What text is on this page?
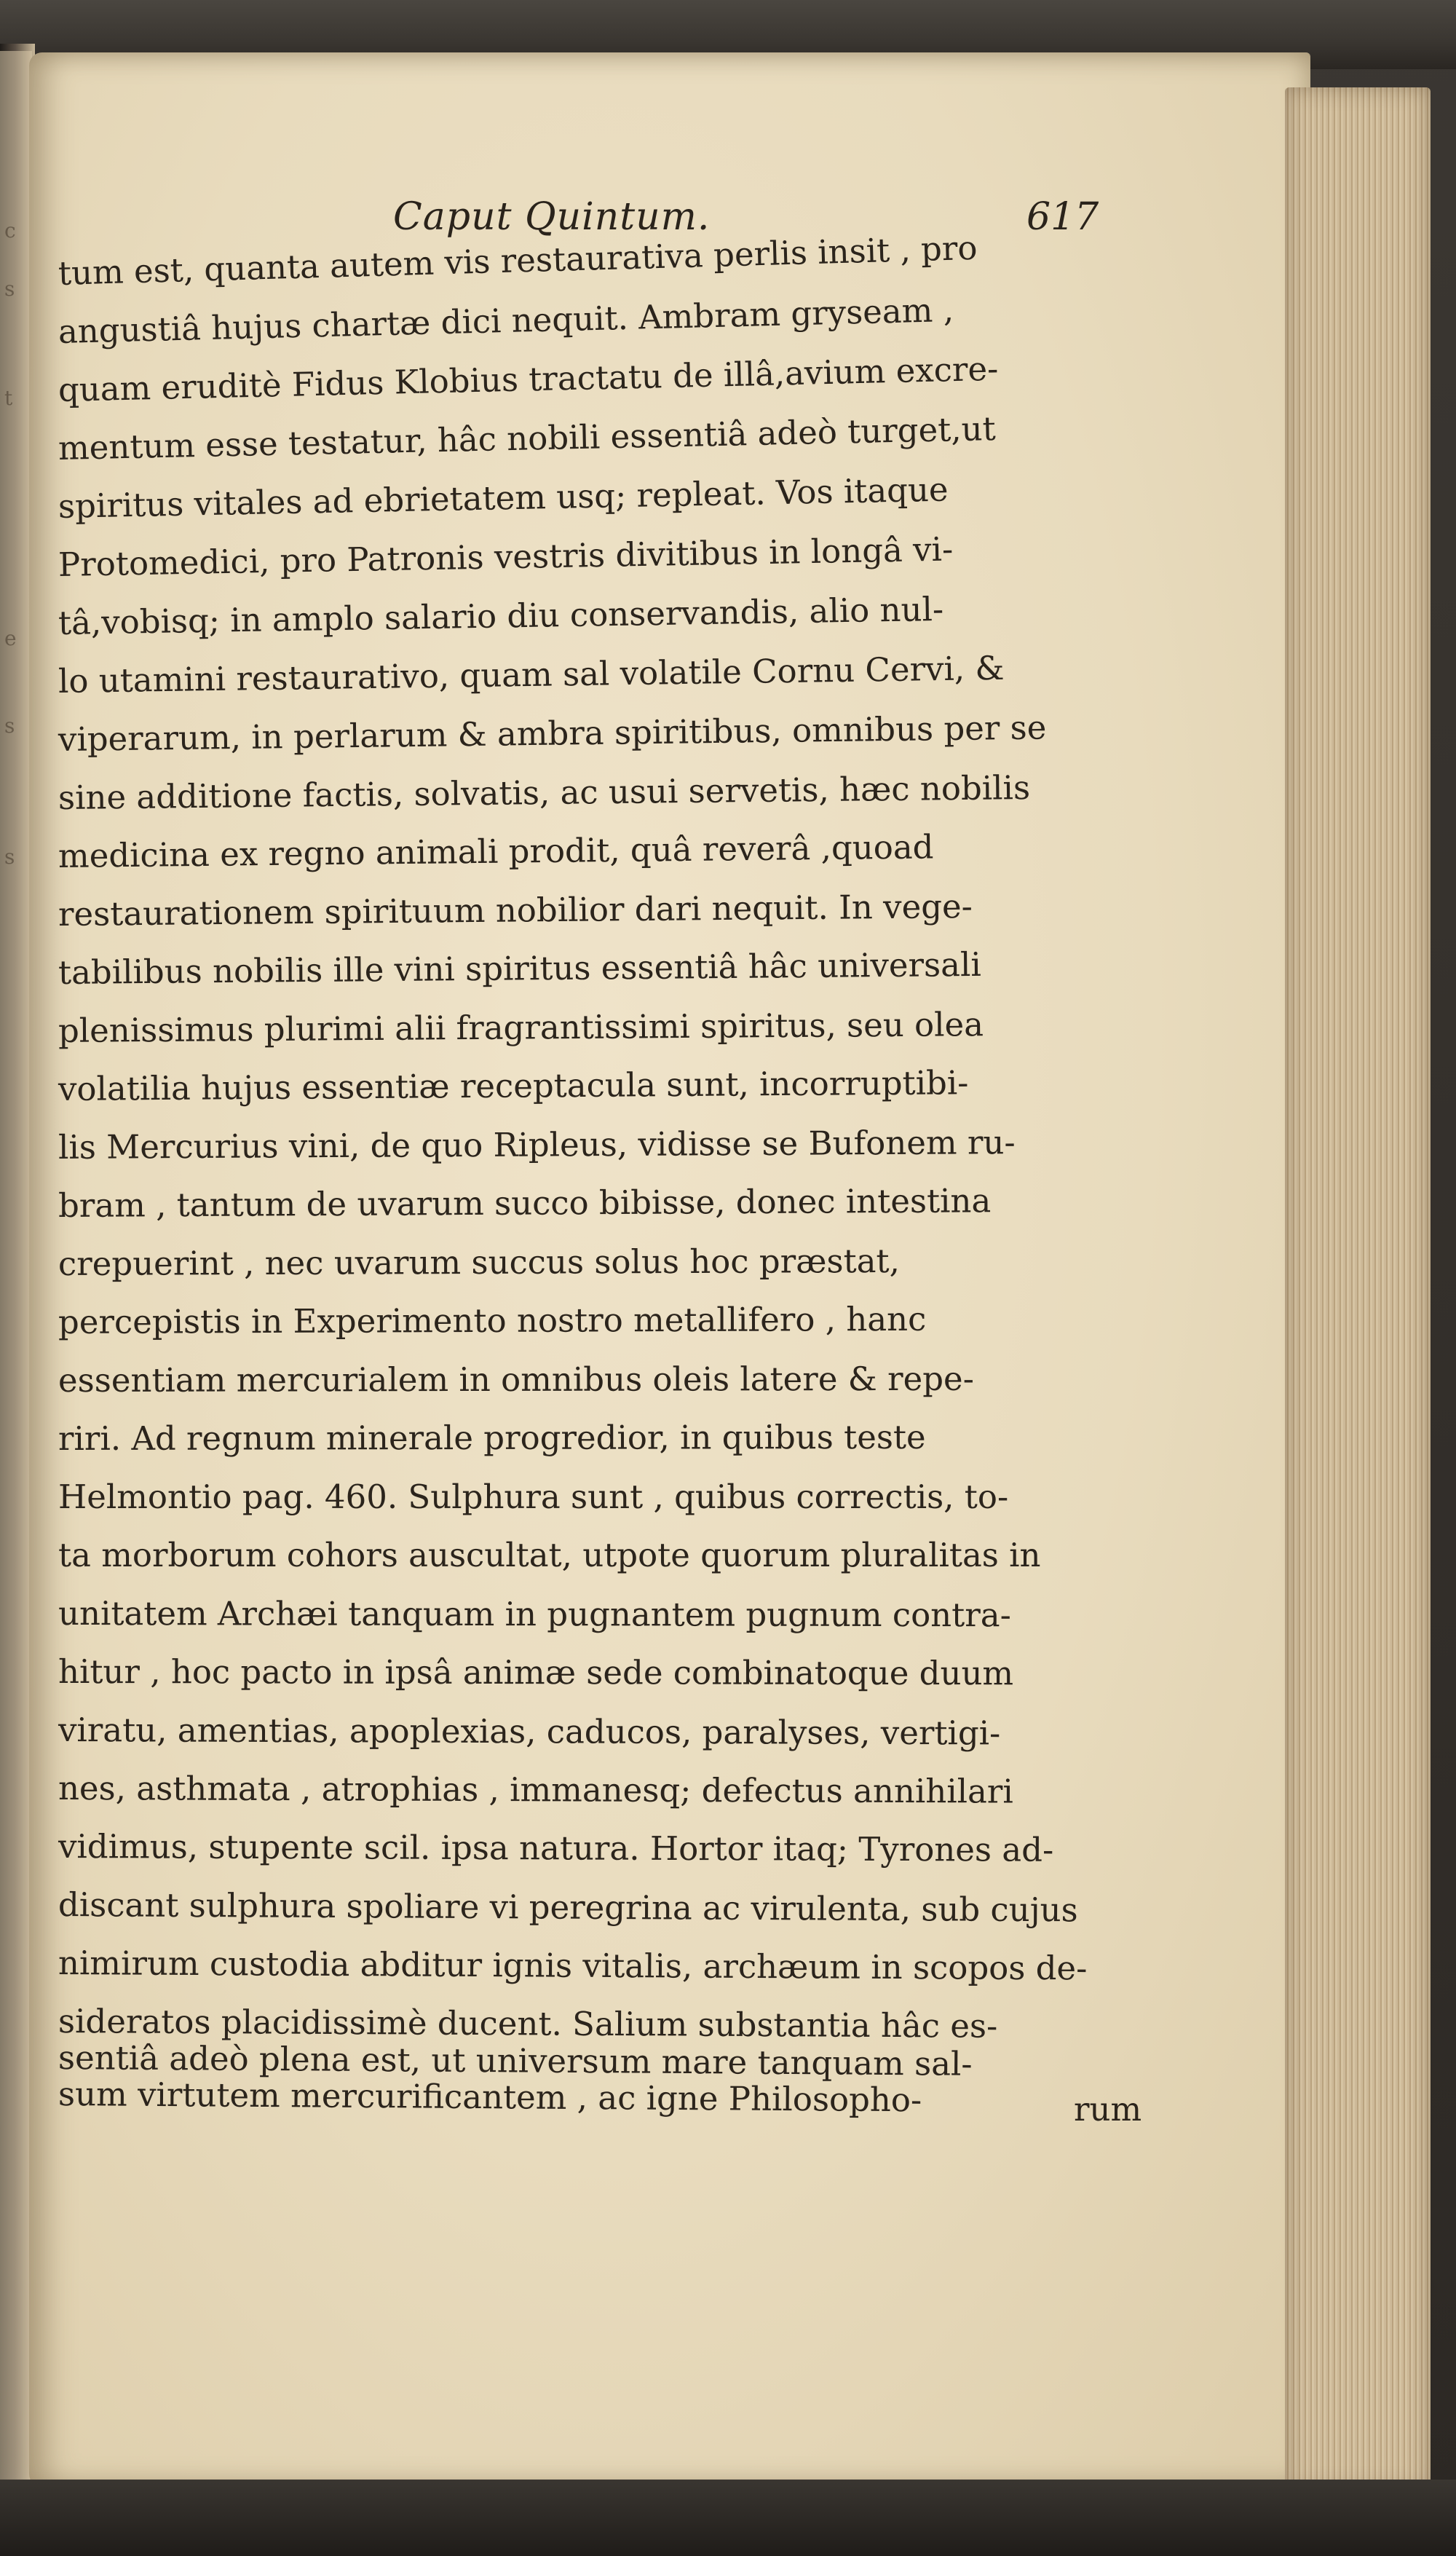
c
s
t
e
s
s
Caput Quintum.	617
tum est, quanta autem vis restaurativa perlis insit , pro
angustiâ hujus chartæ dici nequit. Ambram gryseam ,
quam eruditè Fidus Klobius tractatu de illâ,avium excre-
mentum esse testatur, hâc nobili essentiâ adeò turget,ut
spiritus vitales ad ebrietatem usq; repleat. Vos itaque
Protomedici, pro Patronis vestris divitibus in longâ vi-
tâ,vobisq; in amplo salario diu conservandis, alio nul-
lo utamini restaurativo, quam sal volatile Cornu Cervi, &
viperarum, in perlarum & ambra spiritibus, omnibus per se
sine additione factis, solvatis, ac usui servetis, hæc nobilis
medicina ex regno animali prodit, quâ reverâ ,quoad
restaurationem spirituum nobilior dari nequit. In vege-
tabilibus nobilis ille vini spiritus essentiâ hâc universali
plenissimus plurimi alii fragrantissimi spiritus, seu olea
volatilia hujus essentiæ receptacula sunt, incorruptibi-
lis Mercurius vini, de quo Ripleus, vidisse se Bufonem ru-
bram , tantum de uvarum succo bibisse, donec intestina
crepuerint , nec uvarum succus solus hoc præstat,
percepistis in Experimento nostro metallifero , hanc
essentiam mercurialem in omnibus oleis latere & repe-
riri. Ad regnum minerale progredior, in quibus teste
Helmontio pag. 460. Sulphura sunt , quibus correctis, to-
ta morborum cohors auscultat, utpote quorum pluralitas in
unitatem Archæi tanquam in pugnantem pugnum contra-
hitur , hoc pacto in ipsâ animæ sede combinatoque duum
viratu, amentias, apoplexias, caducos, paralyses, vertigi-
nes, asthmata , atrophias , immanesq; defectus annihilari
vidimus, stupente scil. ipsa natura. Hortor itaq; Tyrones ad-
discant sulphura spoliare vi peregrina ac virulenta, sub cujus
nimirum custodia abditur ignis vitalis, archæum in scopos de-
sideratos placidissimè ducent. Salium substantia hâc es-
sentiâ adeò plena est, ut universum mare tanquam sal-
sum virtutem mercurificantem , ac igne Philosopho-	rum
